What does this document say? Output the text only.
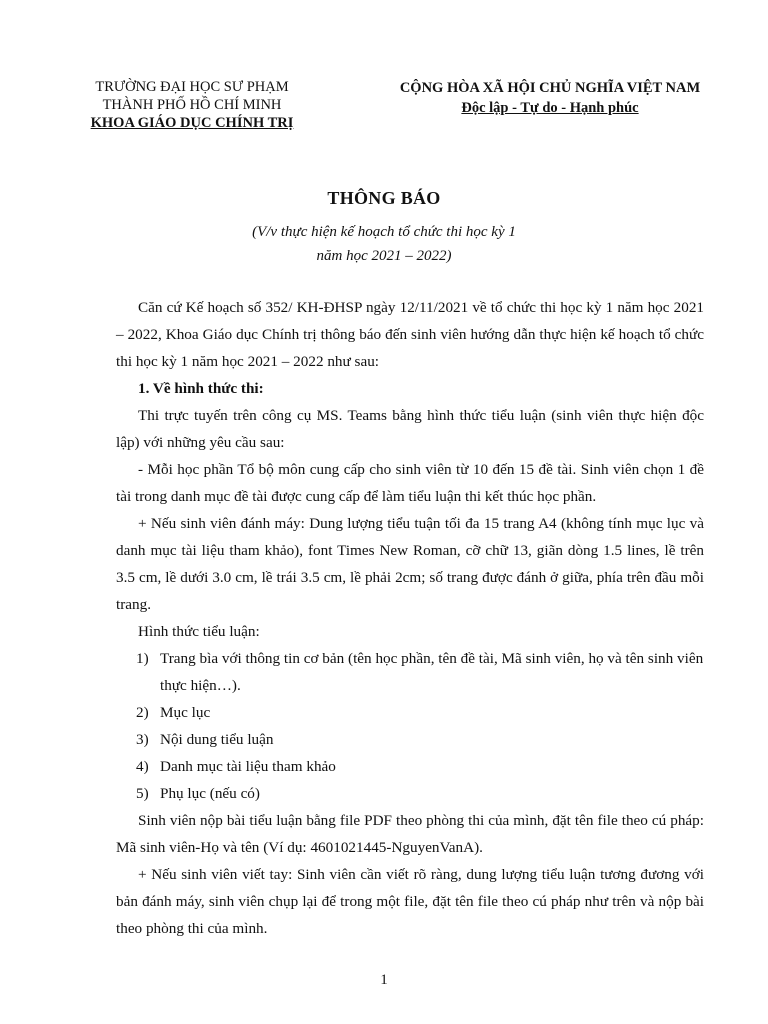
TRƯỜNG ĐẠI HỌC SƯ PHẠM
THÀNH PHỐ HỒ CHÍ MINH
KHOA GIÁO DỤC CHÍNH TRỊ
CỘNG HÒA XÃ HỘI CHỦ NGHĨA VIỆT NAM
Độc lập - Tự do - Hạnh phúc
THÔNG BÁO
(V/v thực hiện kế hoạch tổ chức thi học kỳ 1
năm học 2021 – 2022)

Căn cứ Kế hoạch số 352/ KH-ĐHSP ngày 12/11/2021 về tổ chức thi học kỳ 1 năm học 2021 – 2022, Khoa Giáo dục Chính trị thông báo đến sinh viên hướng dẫn thực hiện kế hoạch tổ chức thi học kỳ 1 năm học 2021 – 2022 như sau:

1. Về hình thức thi:

Thi trực tuyến trên công cụ MS. Teams bằng hình thức tiểu luận (sinh viên thực hiện độc lập) với những yêu cầu sau:

- Mỗi học phần Tổ bộ môn cung cấp cho sinh viên từ 10 đến 15 đề tài. Sinh viên chọn 1 đề tài trong danh mục đề tài được cung cấp để làm tiểu luận thi kết thúc học phần.

+ Nếu sinh viên đánh máy: Dung lượng tiểu tuận tối đa 15 trang A4 (không tính mục lục và danh mục tài liệu tham khảo), font Times New Roman, cỡ chữ 13, giãn dòng 1.5 lines, lề trên 3.5 cm, lề dưới 3.0 cm, lề trái 3.5 cm, lề phải 2cm; số trang được đánh ở giữa, phía trên đầu mỗi trang.

Hình thức tiểu luận:

1) Trang bìa với thông tin cơ bản (tên học phần, tên đề tài, Mã sinh viên, họ và tên sinh viên thực hiện…).
2) Mục lục
3) Nội dung tiểu luận
4) Danh mục tài liệu tham khảo
5) Phụ lục (nếu có)

Sinh viên nộp bài tiểu luận bằng file PDF theo phòng thi của mình, đặt tên file theo cú pháp: Mã sinh viên-Họ và tên (Ví dụ: 4601021445-NguyenVanA).

+ Nếu sinh viên viết tay: Sinh viên cần viết rõ ràng, dung lượng tiểu luận tương đương với bản đánh máy, sinh viên chụp lại để trong một file, đặt tên file theo cú pháp như trên và nộp bài theo phòng thi của mình.

1
